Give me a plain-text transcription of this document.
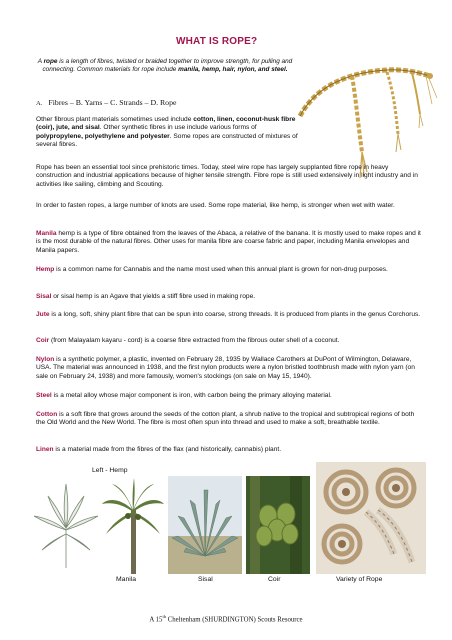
WHAT IS ROPE?
A rope is a length of fibres, twisted or braided together to improve strength, for pulling and connecting. Common materials for rope include manila, hemp, hair, nylon, and steel.
A. Fibres – B. Yarns – C. Strands – D. Rope
Other fibrous plant materials sometimes used include cotton, linen, coconut-husk fibre (coir), jute, and sisal. Other synthetic fibres in use include various forms of polypropylene, polyethylene and polyester. Some ropes are constructed of mixtures of several fibres.
Rope has been an essential tool since prehistoric times. Today, steel wire rope has largely supplanted fibre rope in heavy construction and industrial applications because of higher tensile strength. Fibre rope is still used extensively in light industry and in activities like sailing, climbing and Scouting.
In order to fasten ropes, a large number of knots are used. Some rope material, like hemp, is stronger when wet with water.
Manila hemp is a type of fibre obtained from the leaves of the Abaca, a relative of the banana. It is mostly used to make ropes and it is the most durable of the natural fibres. Other uses for manila fibre are coarse fabric and paper, including Manila envelopes and Manila papers.
Hemp is a common name for Cannabis and the name most used when this annual plant is grown for non-drug purposes.
Sisal or sisal hemp is an Agave that yields a stiff fibre used in making rope.
Jute is a long, soft, shiny plant fibre that can be spun into coarse, strong threads. It is produced from plants in the genus Corchorus.
Coir (from Malayalam kayaru - cord) is a coarse fibre extracted from the fibrous outer shell of a coconut.
Nylon is a synthetic polymer, a plastic, invented on February 28, 1935 by Wallace Carothers at DuPont of Wilmington, Delaware, USA. The material was announced in 1938, and the first nylon products were a nylon bristled toothbrush made with nylon yarn (on sale on February 24, 1938) and more famously, women's stockings (on sale on May 15, 1940).
Steel is a metal alloy whose major component is iron, with carbon being the primary alloying material.
Cotton is a soft fibre that grows around the seeds of the cotton plant, a shrub native to the tropical and subtropical regions of both the Old World and the New World. The fibre is most often spun into thread and used to make a soft, breathable textile.
Linen is a material made from the fibres of the flax (and historically, cannabis) plant.
Left - Hemp
Manila	Sisal	Coir	Variety of Rope
A 15th Cheltenham (SHURDINGTON) Scouts Resource
